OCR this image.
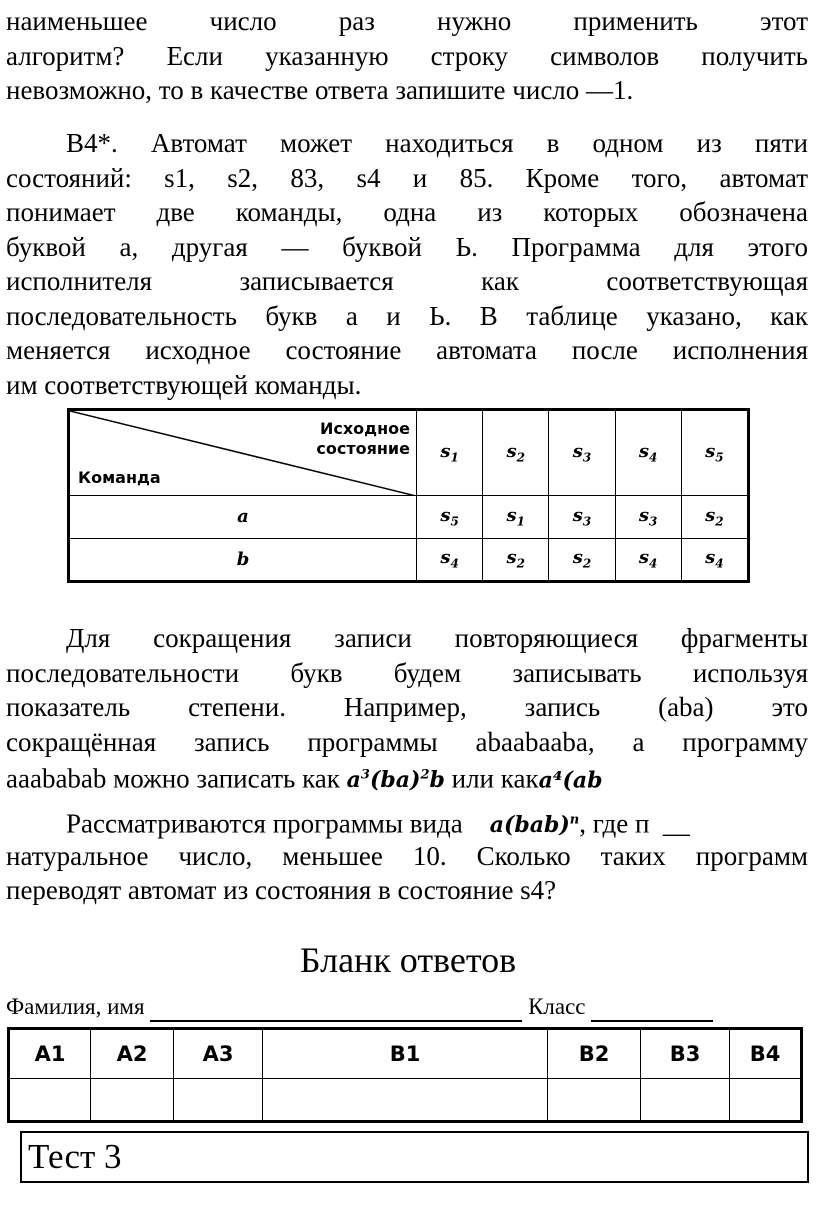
наименьшее число раз нужно применить этот
алгоритм? Если указанную строку символов получить
невозможно, то в качестве ответа запишите число —1.
В4*. Автомат может находиться в одном из пяти
состояний: s1, s2, 83, s4 и 85. Кроме того, автомат
понимает две команды, одна из которых обозначена
буквой a, другая — буквой Ь. Программа для этого
исполнителя записывается как соответствующая
последовательность букв а и Ь. В таблице указано, как
меняется исходное состояние автомата после исполнения
им соответствующей команды.
Исходное
состояние
Команда	$s_1$	$s_2$	$s_3$	$s_4$	$s_5$
a	$s_5$	$s_1$	$s_3$	$s_3$	$s_2$
b	$s_4$	$s_2$	$s_2$	$s_4$	$s_4$
Для сокращения записи повторяющиеся фрагменты
последовательности букв будем записывать используя
показатель степени. Например, запись (aba) это
сокращённая запись программы abaabaaba, а программу
aaababab можно записать как $a^3(ba)^2b$ или какa⁴(ab
Рассматриваются программы вида a(bab)$^n$, где п __
натуральное число, меньшее 10. Сколько таких программ
переводят автомат из состояния в состояние s4?
Бланк ответов
Фамилия, имя	Класс
A1	A2	A3	B1	B2	B3	B4

Тест 3
